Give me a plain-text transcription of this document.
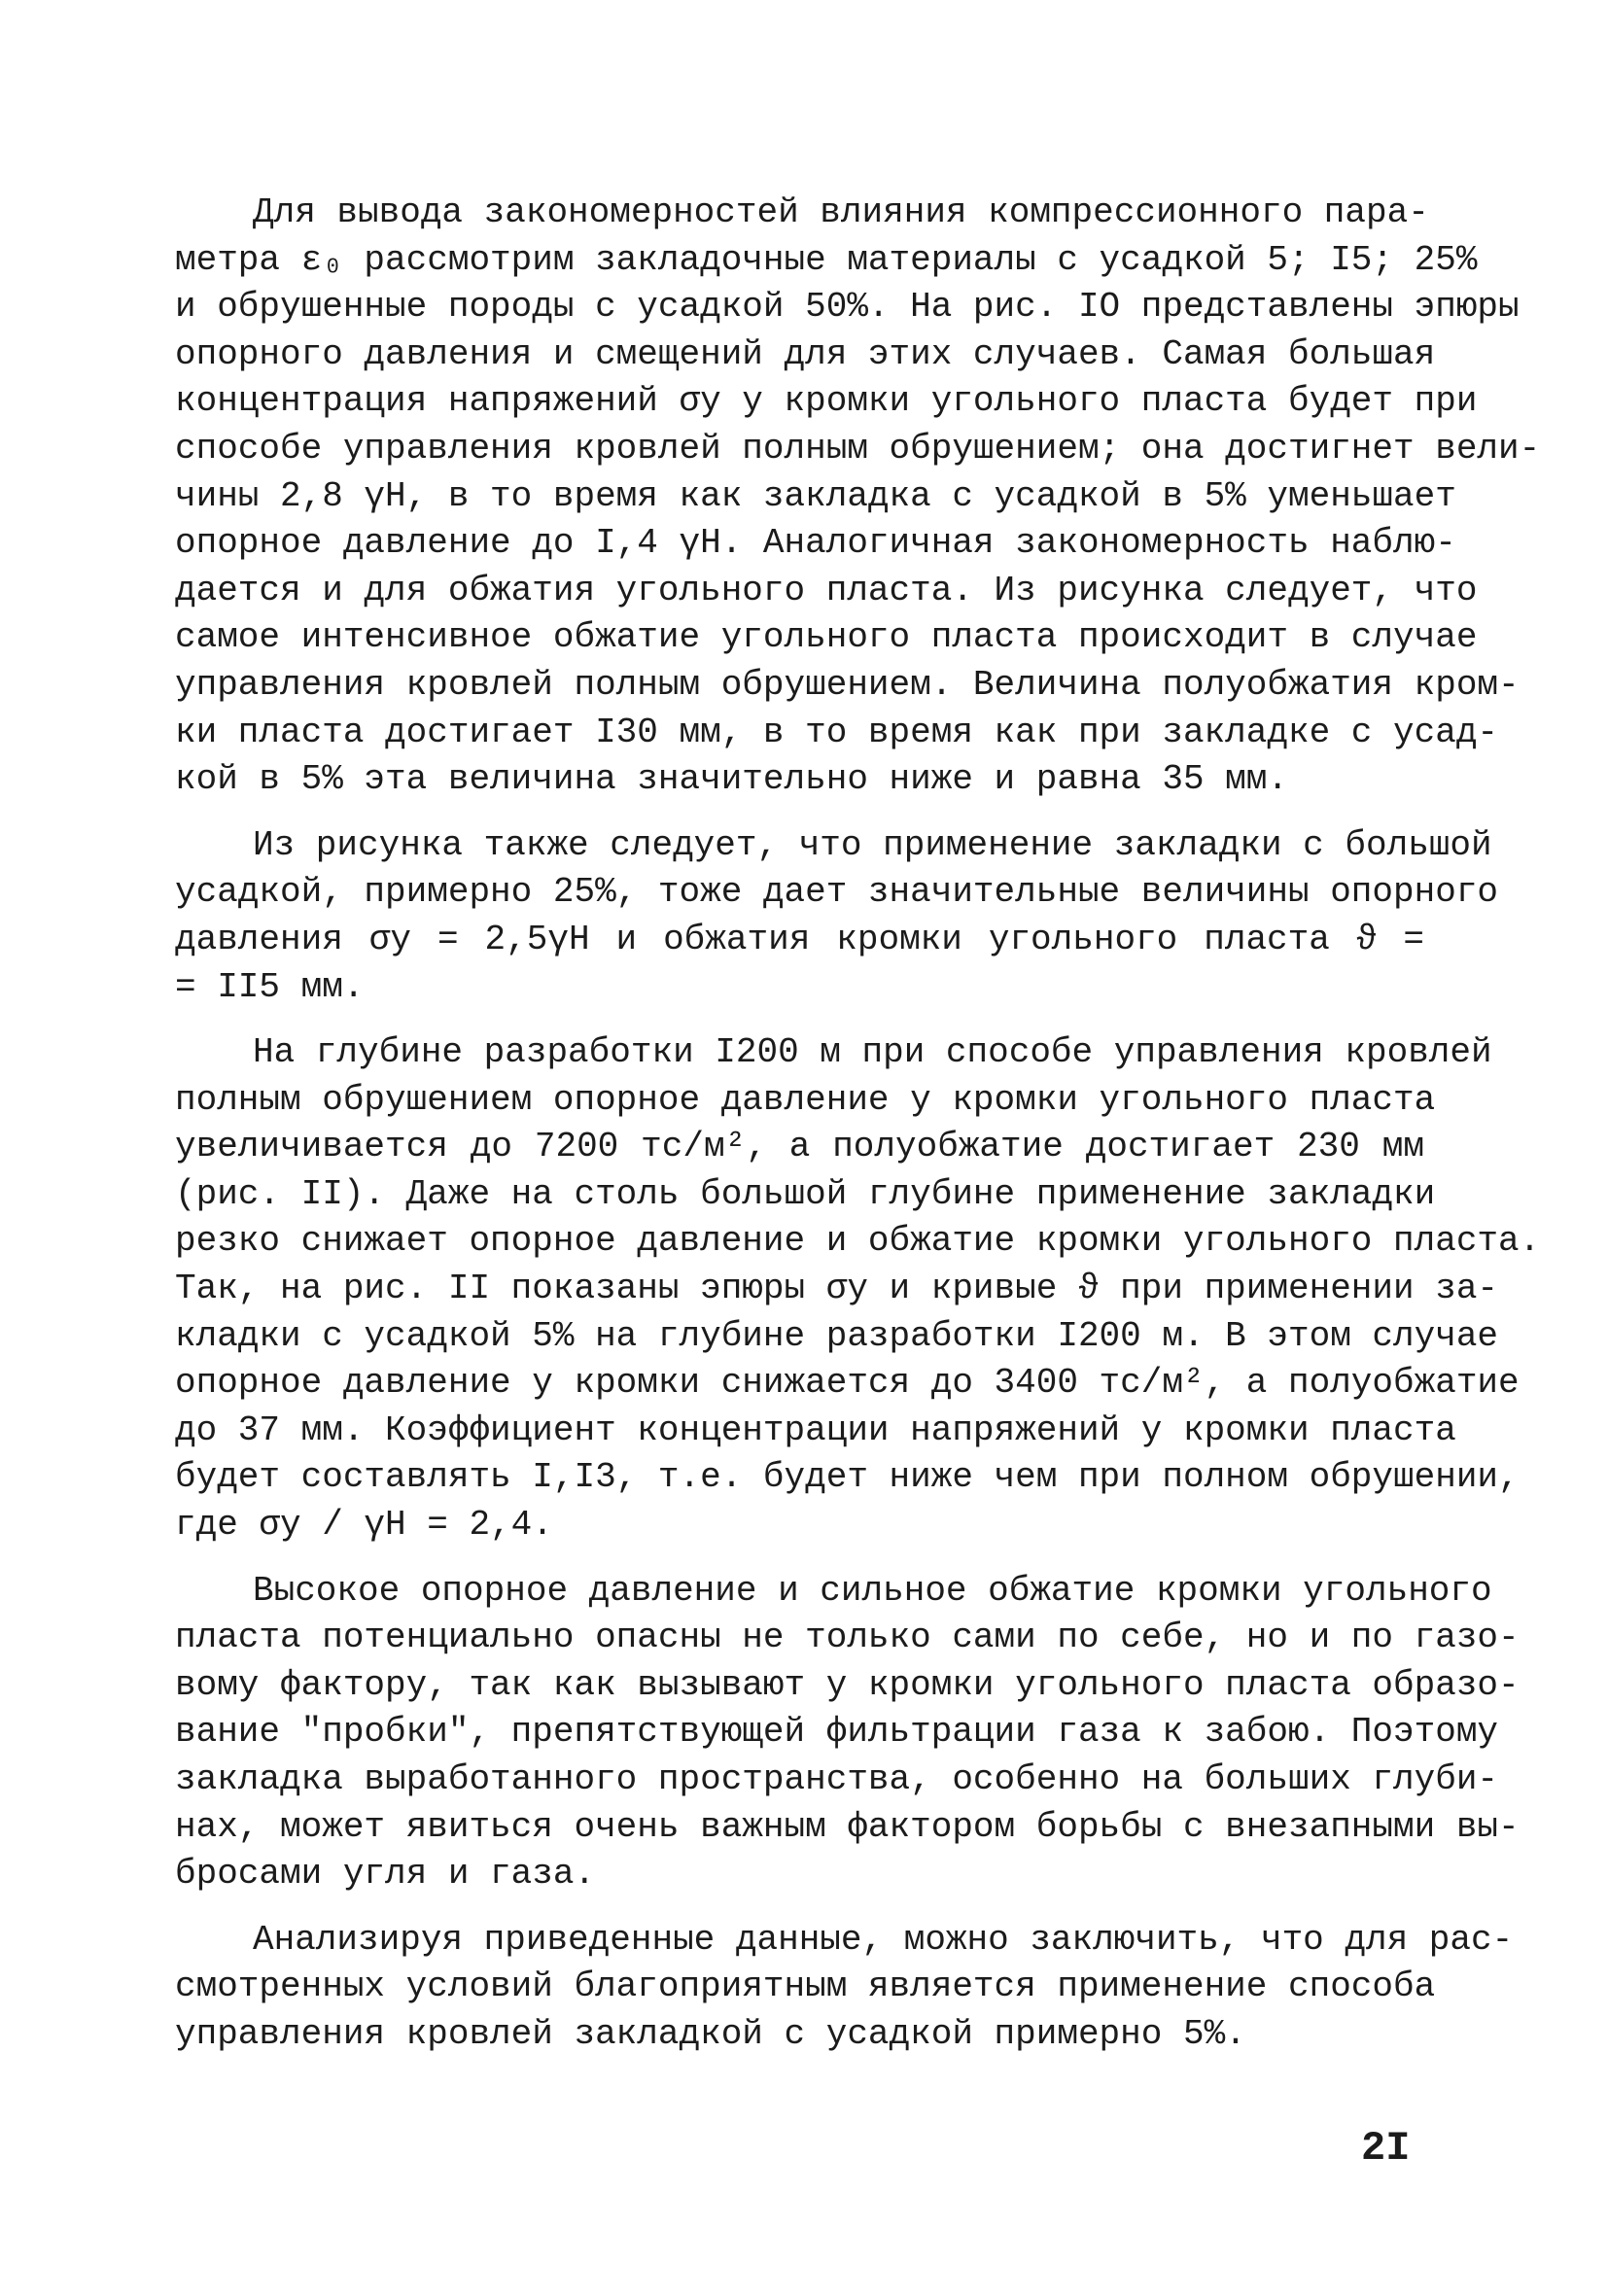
Для вывода закономерностей влияния компрессионного пара-
метра ε₀ рассмотрим закладочные материалы с усадкой 5; I5; 25%
и обрушенные породы с усадкой 50%. На рис. IO представлены эпюры
опорного давления и смещений для этих случаев. Самая большая
концентрация напряжений σy у кромки угольного пласта будет при
способе управления кровлей полным обрушением; она достигнет вели-
чины 2,8 γH, в то время как закладка с усадкой в 5% уменьшает
опорное давление до I,4 γH. Аналогичная закономерность наблю-
дается и для обжатия угольного пласта. Из рисунка следует, что
самое интенсивное обжатие угольного пласта происходит в случае
управления кровлей полным обрушением. Величина полуобжатия кром-
ки пласта достигает I30 мм, в то время как при закладке с усад-
кой в 5% эта величина значительно ниже и равна 35 мм.
Из рисунка также следует, что применение закладки с большой
усадкой, примерно 25%, тоже дает значительные величины опорного
давления σy = 2,5γH и обжатия кромки угольного пласта ϑ =
= II5 мм.
На глубине разработки I200 м при способе управления кровлей
полным обрушением опорное давление у кромки угольного пласта
увеличивается до 7200 тс/м², а полуобжатие достигает 230 мм
(рис. II). Даже на столь большой глубине применение закладки
резко снижает опорное давление и обжатие кромки угольного пласта.
Так, на рис. II показаны эпюры σy и кривые ϑ при применении за-
кладки с усадкой 5% на глубине разработки I200 м. В этом случае
опорное давление у кромки снижается до 3400 тс/м², а полуобжатие
до 37 мм. Коэффициент концентрации напряжений у кромки пласта
будет составлять I,I3, т.е. будет ниже чем при полном обрушении,
где σy / γH = 2,4.
Высокое опорное давление и сильное обжатие кромки угольного
пласта потенциально опасны не только сами по себе, но и по газо-
вому фактору, так как вызывают у кромки угольного пласта образо-
вание "пробки", препятствующей фильтрации газа к забою. Поэтому
закладка выработанного пространства, особенно на больших глуби-
нах, может явиться очень важным фактором борьбы с внезапными вы-
бросами угля и газа.
Анализируя приведенные данные, можно заключить, что для рас-
смотренных условий благоприятным является применение способа
управления кровлей закладкой с усадкой примерно 5%.
2I
